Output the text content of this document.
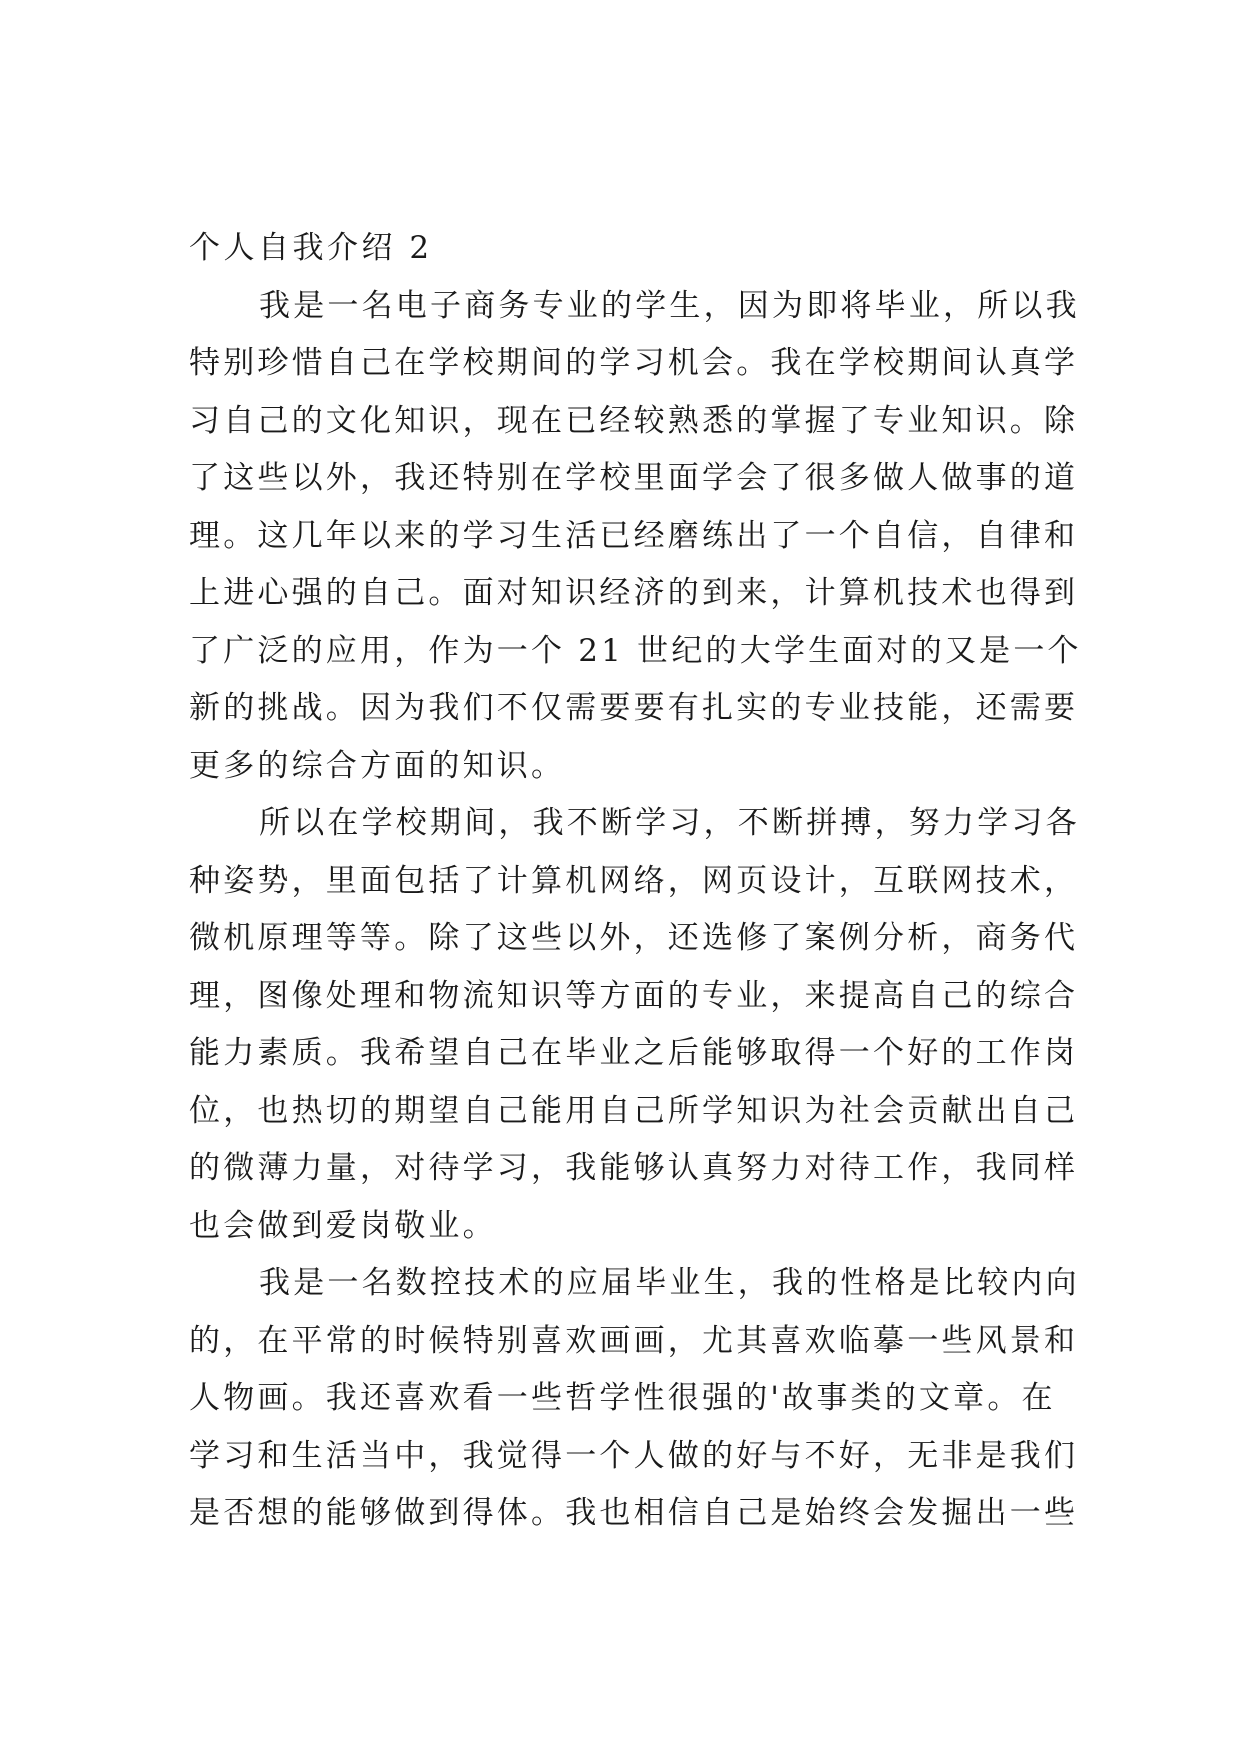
个人自我介绍 2
我是一名电子商务专业的学生，因为即将毕业，所以我
特别珍惜自己在学校期间的学习机会。我在学校期间认真学
习自己的文化知识，现在已经较熟悉的掌握了专业知识。除
了这些以外，我还特别在学校里面学会了很多做人做事的道
理。这几年以来的学习生活已经磨练出了一个自信，自律和
上进心强的自己。面对知识经济的到来，计算机技术也得到
了广泛的应用，作为一个 21 世纪的大学生面对的又是一个
新的挑战。因为我们不仅需要要有扎实的专业技能，还需要
更多的综合方面的知识。
所以在学校期间，我不断学习，不断拼搏，努力学习各
种姿势，里面包括了计算机网络，网页设计，互联网技术，
微机原理等等。除了这些以外，还选修了案例分析，商务代
理，图像处理和物流知识等方面的专业，来提高自己的综合
能力素质。我希望自己在毕业之后能够取得一个好的工作岗
位，也热切的期望自己能用自己所学知识为社会贡献出自己
的微薄力量，对待学习，我能够认真努力对待工作，我同样
也会做到爱岗敬业。
我是一名数控技术的应届毕业生，我的性格是比较内向
的，在平常的时候特别喜欢画画，尤其喜欢临摹一些风景和
人物画。我还喜欢看一些哲学性很强的'故事类的文章。在
学习和生活当中，我觉得一个人做的好与不好，无非是我们
是否想的能够做到得体。我也相信自己是始终会发掘出一些
